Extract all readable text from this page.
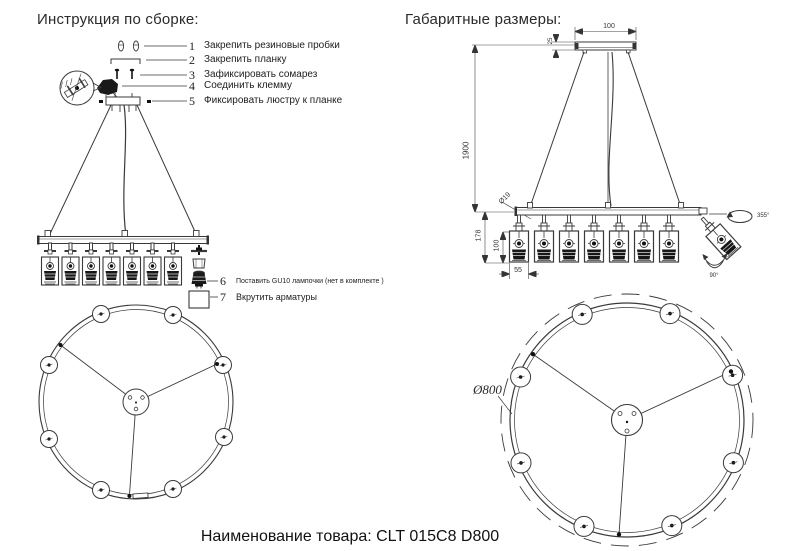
Инструкция по сборке:	Габаритные размеры:
1 Закрепить резиновые пробки
2 Закрепить планку
3 Зафиксировать сомарез
4 Соединить клемму
5 Фиксировать люстру к планке
6 Поставить GU10 лампочки (нет в комплекте )
7 Вкрутить арматуры
100
25
1900
Ø19
178
100
55
355°
90°
Ø800
Наименование товара: CLT 015C8 D800
